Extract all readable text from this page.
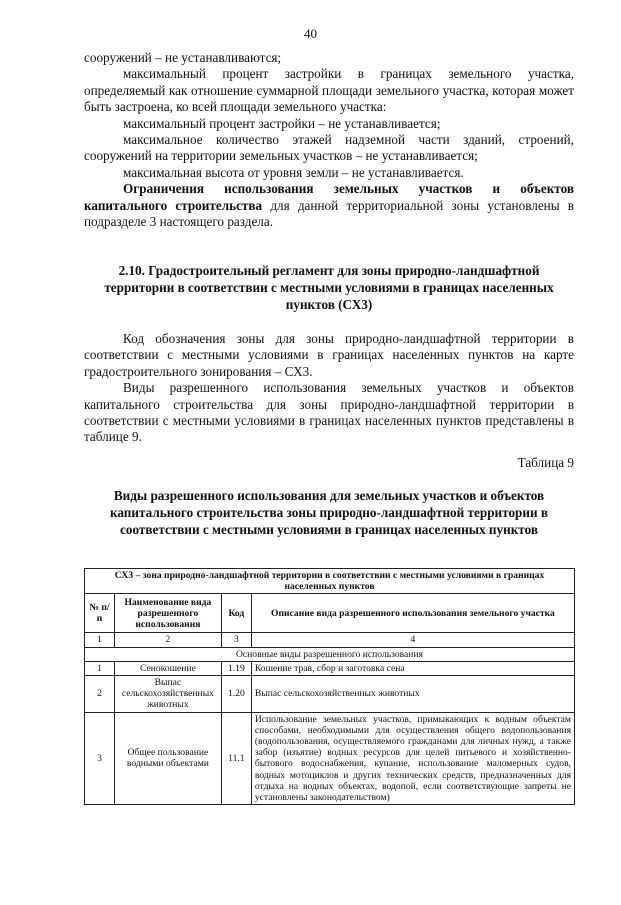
40

сооружений – не устанавливаются;

максимальный процент застройки в границах земельного участка, определяемый как отношение суммарной площади земельного участка, которая может быть застроена, ко всей площади земельного участка:

максимальный процент застройки – не устанавливается;

максимальное количество этажей надземной части зданий, строений, сооружений на территории земельных участков – не устанавливается;

максимальная высота от уровня земли – не устанавливается.

Ограничения использования земельных участков и объектов капитального строительства для данной территориальной зоны установлены в подразделе 3 настоящего раздела.

2.10. Градостроительный регламент для зоны природно-ландшафтной территории в соответствии с местными условиями в границах населенных пунктов (СХ3)

Код обозначения зоны для зоны природно-ландшафтной территории в соответствии с местными условиями в границах населенных пунктов на карте градостроительного зонирования – СХ3.

Виды разрешенного использования земельных участков и объектов капитального строительства для зоны природно-ландшафтной территории в соответствии с местными условиями в границах населенных пунктов представлены в таблице 9.

Таблица 9
Виды разрешенного использования для земельных участков и объектов капитального строительства зоны природно-ландшафтной территории в соответствии с местными условиями в границах населенных пунктов
СХ3 – зона природно-ландшафтной территории в соответствии с местными условиями в границах населенных пунктов			
№ п/п	Наименование вида разрешенного использования	Код	Описание вида разрешенного использования земельного участка
1	2	3	4
Основные виды разрешенного использования			
1	Сенокошение	1.19	Кошение трав, сбор и заготовка сена
2	Выпас сельскохозяйственных животных	1.20	Выпас сельскохозяйственных животных
3	Общее пользование водными объектами	11.1	Использование земельных участков, примыкающих к водным объектам способами, необходимыми для осуществления общего водопользования (водопользования, осуществляемого гражданами для личных нужд, а также забор (изъятие) водных ресурсов для целей питьевого и хозяйственно-бытового водоснабжения, купание, использование маломерных судов, водных мотоциклов и других технических средств, предназначенных для отдыха на водных объектах, водопой, если соответствующие запреты не установлены законодательством)
